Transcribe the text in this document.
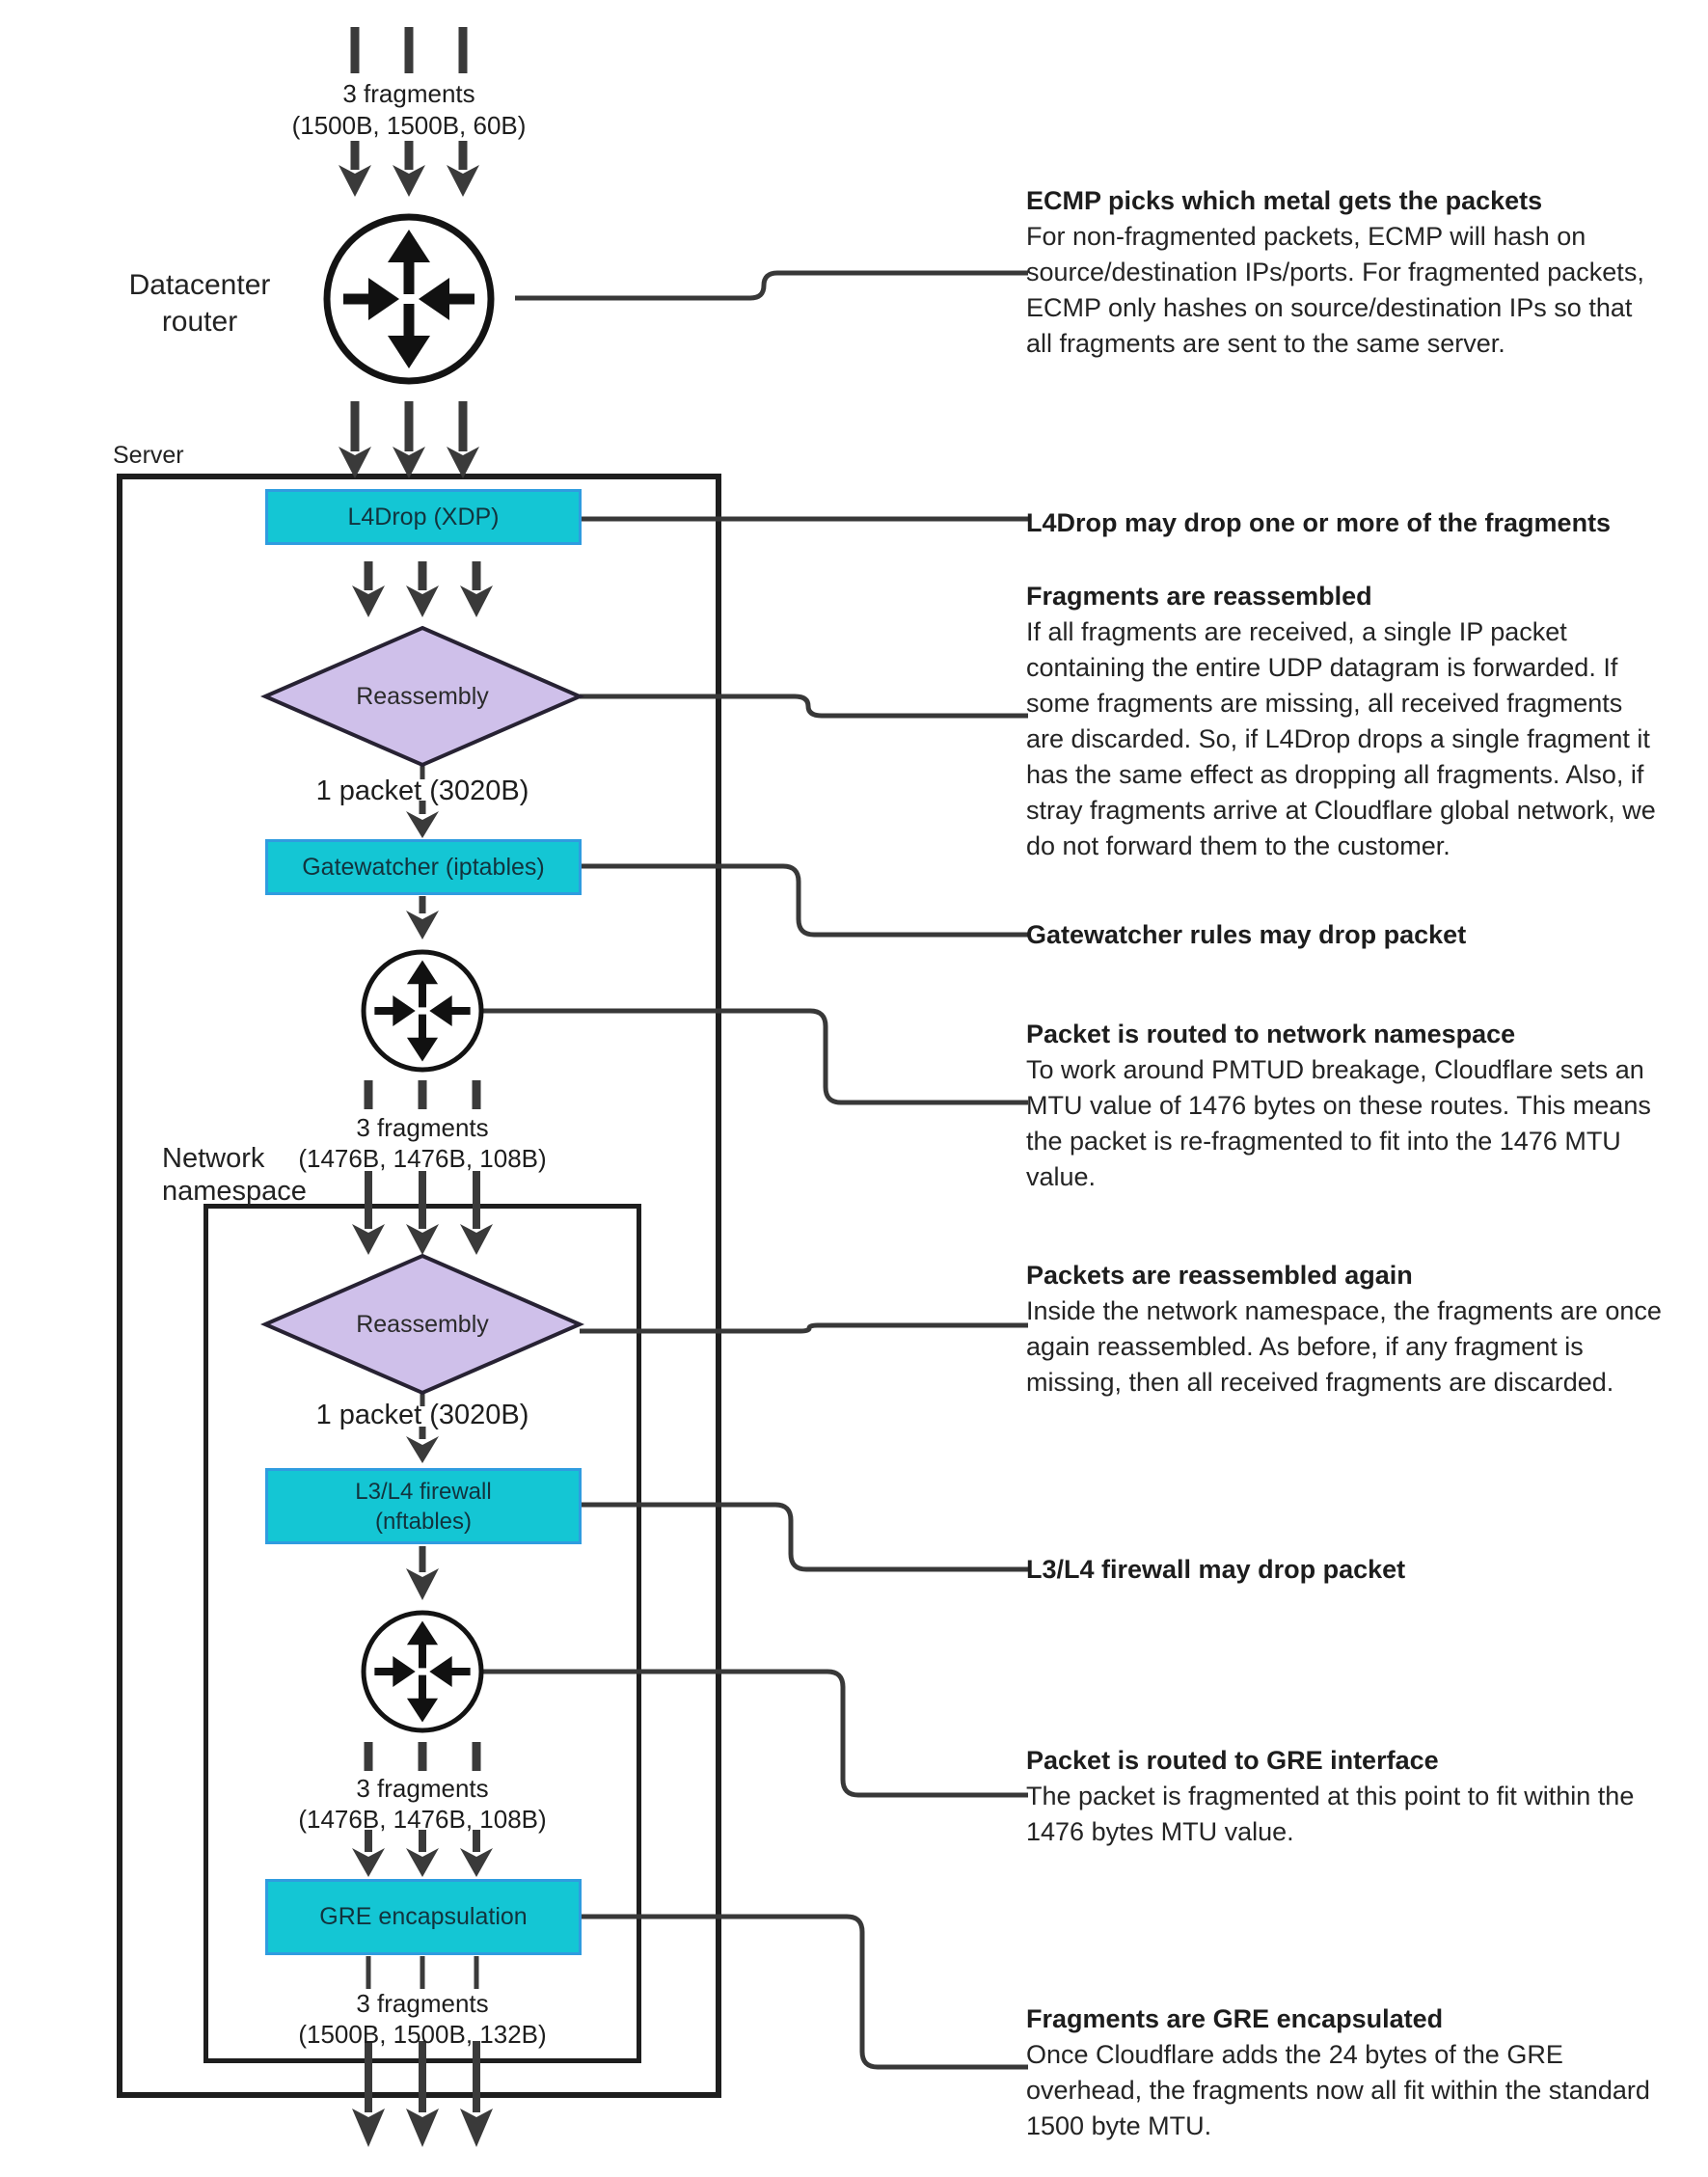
3 fragments
(1500B, 1500B, 60B)
Datacenter
router
Server
L4Drop (XDP)
Reassembly
1 packet (3020B)
Gatewatcher (iptables)
3 fragments
(1476B, 1476B, 108B)
Network
namespace
Reassembly
1 packet (3020B)
L3/L4 firewall
(nftables)
3 fragments
(1476B, 1476B, 108B)
GRE encapsulation
3 fragments
(1500B, 1500B, 132B)

ECMP picks which metal gets the packets

For non-fragmented packets, ECMP will hash on source/destination IPs/ports. For fragmented packets, ECMP only hashes on source/destination IPs so that all fragments are sent to the same server.

L4Drop may drop one or more of the fragments

Fragments are reassembled

If all fragments are received, a single IP packet containing the entire UDP datagram is forwarded. If some fragments are missing, all received fragments are discarded. So, if L4Drop drops a single fragment it has the same effect as dropping all fragments. Also, if stray fragments arrive at Cloudflare global network, we do not forward them to the customer.

Gatewatcher rules may drop packet

Packet is routed to network namespace

To work around PMTUD breakage, Cloudflare sets an MTU value of 1476 bytes on these routes. This means the packet is re-fragmented to fit into the 1476 MTU value.

Packets are reassembled again

Inside the network namespace, the fragments are once again reassembled. As before, if any fragment is missing, then all received fragments are discarded.

L3/L4 firewall may drop packet

Packet is routed to GRE interface

The packet is fragmented at this point to fit within the 1476 bytes MTU value.

Fragments are GRE encapsulated

Once Cloudflare adds the 24 bytes of the GRE overhead, the fragments now all fit within the standard 1500 byte MTU.
